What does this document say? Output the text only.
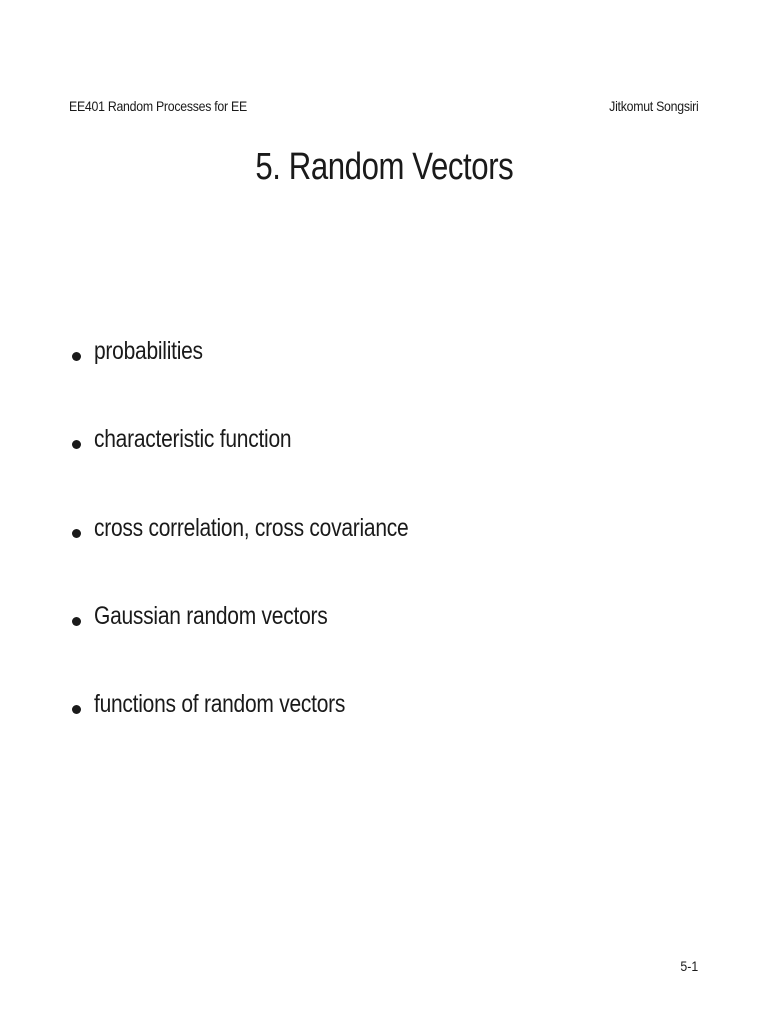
EE401 Random Processes for EE	Jitkomut Songsiri
5. Random Vectors
probabilities
characteristic function
cross correlation, cross covariance
Gaussian random vectors
functions of random vectors
5-1
